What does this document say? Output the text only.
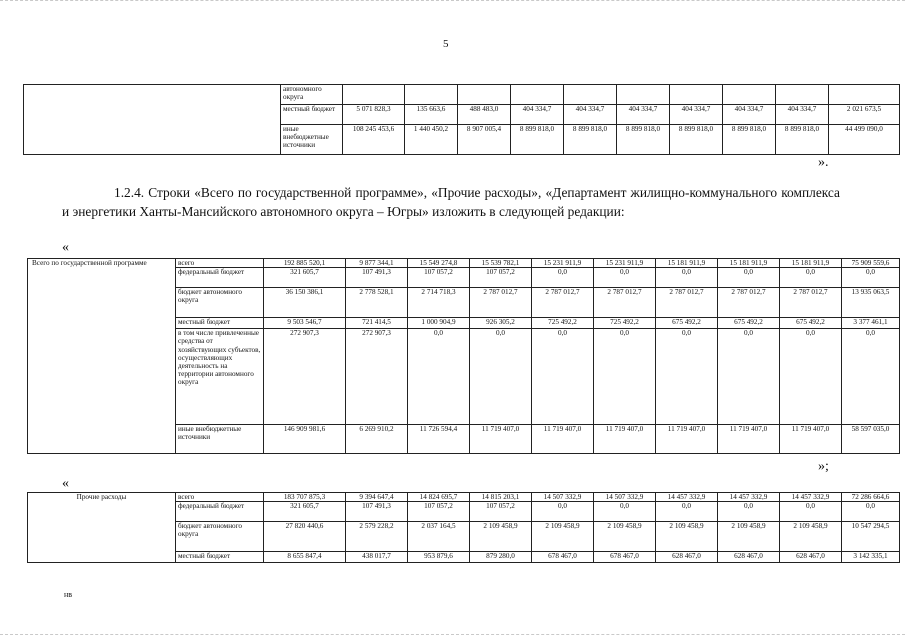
5
	автономного округа										
	местный бюджет	5 071 828,3	135 663,6	488 483,0	404 334,7	404 334,7	404 334,7	404 334,7	404 334,7	404 334,7	2 021 673,5
	иные внебюджетные источники	108 245 453,6	1 440 450,2	8 907 005,4	8 899 818,0	8 899 818,0	8 899 818,0	8 899 818,0	8 899 818,0	8 899 818,0	44 499 090,0
».
1.2.4. Строки «Всего по государственной программе», «Прочие расходы», «Департамент жилищно-коммунального комплекса и энергетики Ханты-Мансийского автономного округа – Югры» изложить в следующей редакции:
«
Всего по государственной программе	всего	192 885 520,1	9 877 344,1	15 549 274,8	15 539 782,1	15 231 911,9	15 231 911,9	15 181 911,9	15 181 911,9	15 181 911,9	75 909 559,6
	федеральный бюджет	321 605,7	107 491,3	107 057,2	107 057,2	0,0	0,0	0,0	0,0	0,0	0,0
	бюджет автономного округа	36 150 386,1	2 778 528,1	2 714 718,3	2 787 012,7	2 787 012,7	2 787 012,7	2 787 012,7	2 787 012,7	2 787 012,7	13 935 063,5
	местный бюджет	9 503 546,7	721 414,5	1 000 904,9	926 305,2	725 492,2	725 492,2	675 492,2	675 492,2	675 492,2	3 377 461,1
	в том числе привлеченные средства от хозяйствующих субъектов, осуществляющих деятельность на территории автономного округа	272 907,3	272 907,3	0,0	0,0	0,0	0,0	0,0	0,0	0,0	0,0
	иные внебюджетные источники	146 909 981,6	6 269 910,2	11 726 594,4	11 719 407,0	11 719 407,0	11 719 407,0	11 719 407,0	11 719 407,0	11 719 407,0	58 597 035,0
»;
«
Прочие расходы	всего	183 707 875,3	9 394 647,4	14 824 695,7	14 815 203,1	14 507 332,9	14 507 332,9	14 457 332,9	14 457 332,9	14 457 332,9	72 286 664,6
	федеральный бюджет	321 605,7	107 491,3	107 057,2	107 057,2	0,0	0,0	0,0	0,0	0,0	0,0
	бюджет автономного округа	27 820 440,6	2 579 228,2	2 037 164,5	2 109 458,9	2 109 458,9	2 109 458,9	2 109 458,9	2 109 458,9	2 109 458,9	10 547 294,5
	местный бюджет	8 655 847,4	438 017,7	953 879,6	879 280,0	678 467,0	678 467,0	628 467,0	628 467,0	628 467,0	3 142 335,1
нв
